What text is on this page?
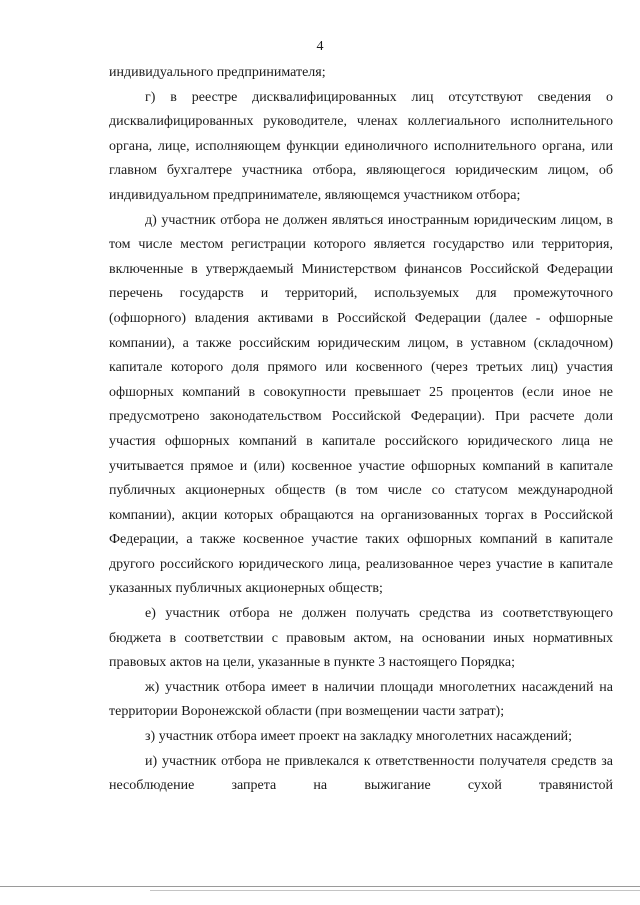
4

индивидуального предпринимателя;

г) в реестре дисквалифицированных лиц отсутствуют сведения о дисквалифицированных руководителе, членах коллегиального исполнительного органа, лице, исполняющем функции единоличного исполнительного органа, или главном бухгалтере участника отбора, являющегося юридическим лицом, об индивидуальном предпринимателе, являющемся участником отбора;

д) участник отбора не должен являться иностранным юридическим лицом, в том числе местом регистрации которого является государство или территория, включенные в утверждаемый Министерством финансов Российской Федерации перечень государств и территорий, используемых для промежуточного (офшорного) владения активами в Российской Федерации (далее - офшорные компании), а также российским юридическим лицом, в уставном (складочном) капитале которого доля прямого или косвенного (через третьих лиц) участия офшорных компаний в совокупности превышает 25 процентов (если иное не предусмотрено законодательством Российской Федерации). При расчете доли участия офшорных компаний в капитале российского юридического лица не учитывается прямое и (или) косвенное участие офшорных компаний в капитале публичных акционерных обществ (в том числе со статусом международной компании), акции которых обращаются на организованных торгах в Российской Федерации, а также косвенное участие таких офшорных компаний в капитале другого российского юридического лица, реализованное через участие в капитале указанных публичных акционерных обществ;

е) участник отбора не должен получать средства из соответствующего бюджета в соответствии с правовым актом, на основании иных нормативных правовых актов на цели, указанные в пункте 3 настоящего Порядка;

ж) участник отбора имеет в наличии площади многолетних насаждений на территории Воронежской области (при возмещении части затрат);

з) участник отбора имеет проект на закладку многолетних насаждений;

и) участник отбора не привлекался к ответственности получателя средств за несоблюдение запрета на выжигание сухой травянистой
